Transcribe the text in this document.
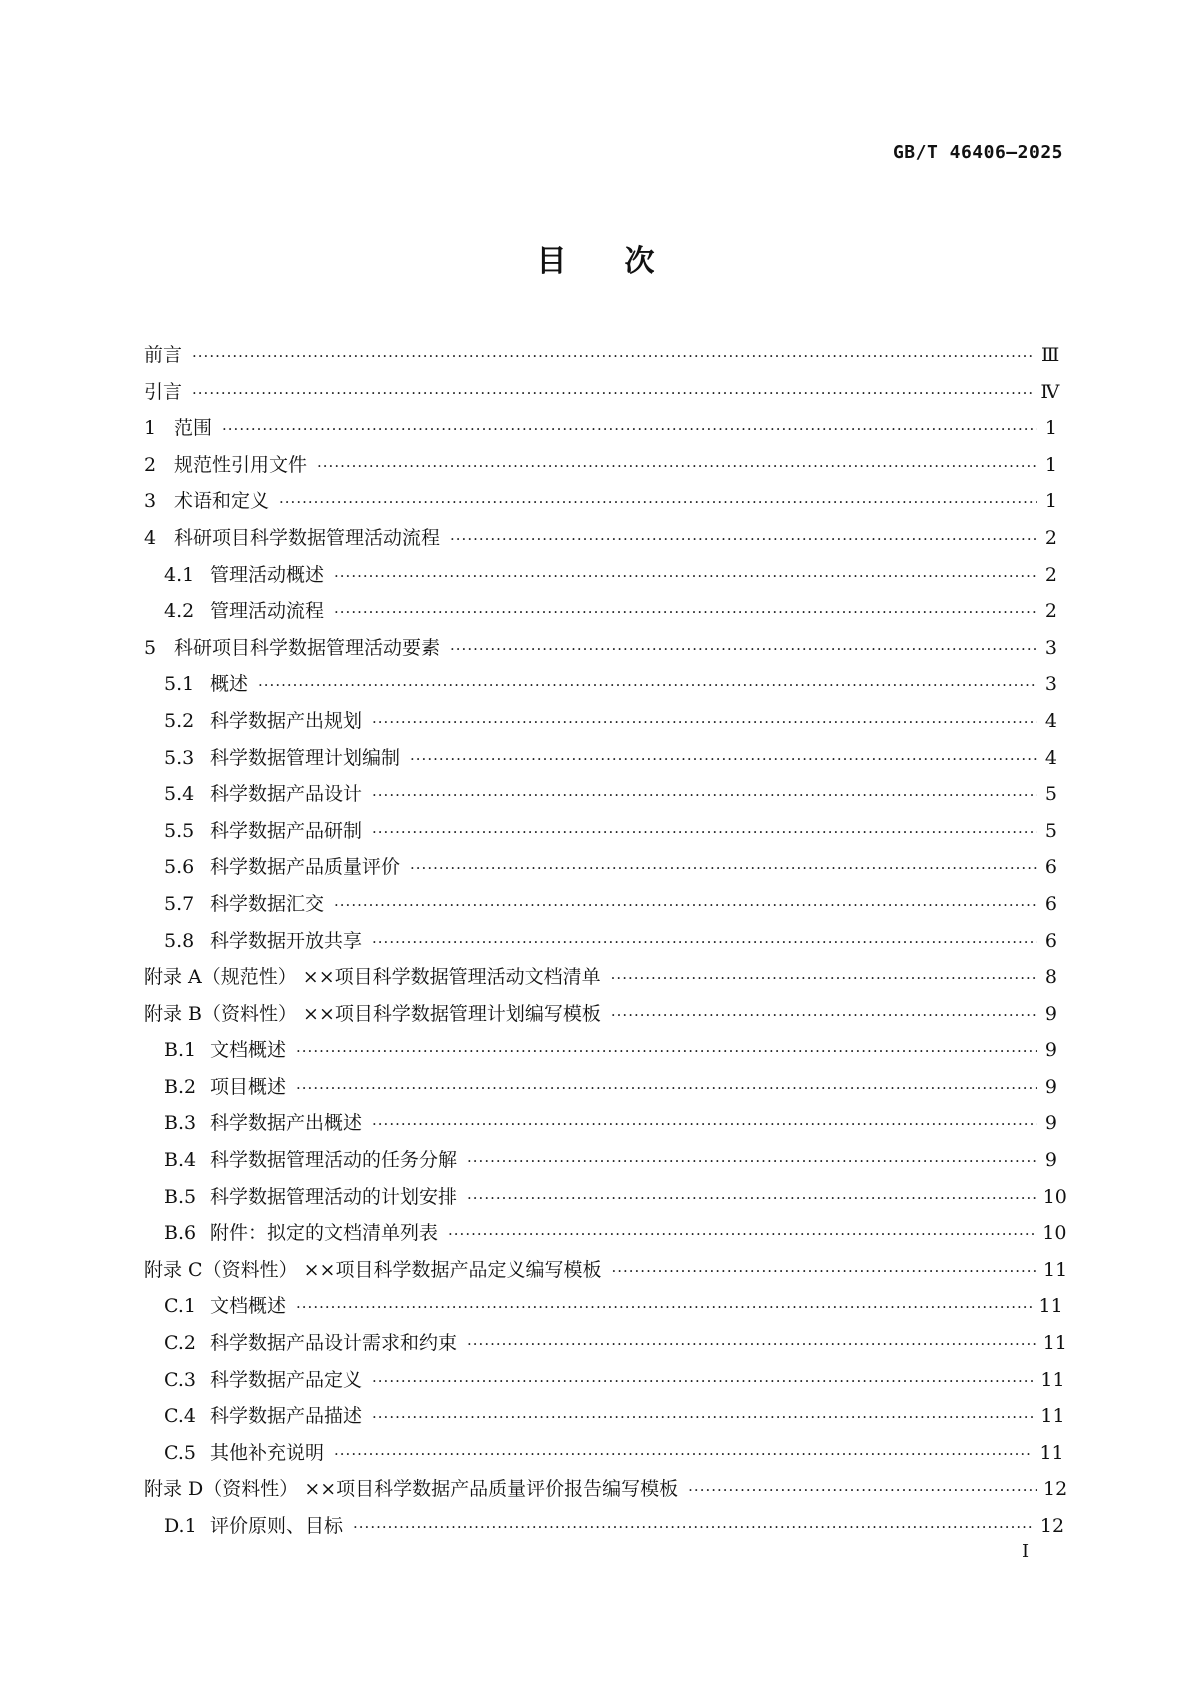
GB/T 46406—2025
目次
前言 ·····	Ⅲ
引言 ·····	Ⅳ
1 范围 ·····	1
2 规范性引用文件 ·····	1
3 术语和定义 ·····	1
4 科研项目科学数据管理活动流程 ·····	2
4.1 管理活动概述 ·····	2
4.2 管理活动流程 ·····	2
5 科研项目科学数据管理活动要素 ·····	3
5.1 概述 ·····	3
5.2 科学数据产出规划 ·····	4
5.3 科学数据管理计划编制 ·····	4
5.4 科学数据产品设计 ·····	5
5.5 科学数据产品研制 ·····	5
5.6 科学数据产品质量评价 ·····	6
5.7 科学数据汇交 ·····	6
5.8 科学数据开放共享 ·····	6
附录 A（规范性） ××项目科学数据管理活动文档清单 ·····	8
附录 B（资料性） ××项目科学数据管理计划编写模板 ·····	9
B.1 文档概述 ·····	9
B.2 项目概述 ·····	9
B.3 科学数据产出概述 ·····	9
B.4 科学数据管理活动的任务分解 ·····	9
B.5 科学数据管理活动的计划安排 ·····	10
B.6 附件：拟定的文档清单列表 ·····	10
附录 C（资料性） ××项目科学数据产品定义编写模板 ·····	11
C.1 文档概述 ·····	11
C.2 科学数据产品设计需求和约束 ·····	11
C.3 科学数据产品定义 ·····	11
C.4 科学数据产品描述 ·····	11
C.5 其他补充说明 ·····	11
附录 D（资料性） ××项目科学数据产品质量评价报告编写模板 ·····	12
D.1 评价原则、目标 ·····	12
Ⅰ
